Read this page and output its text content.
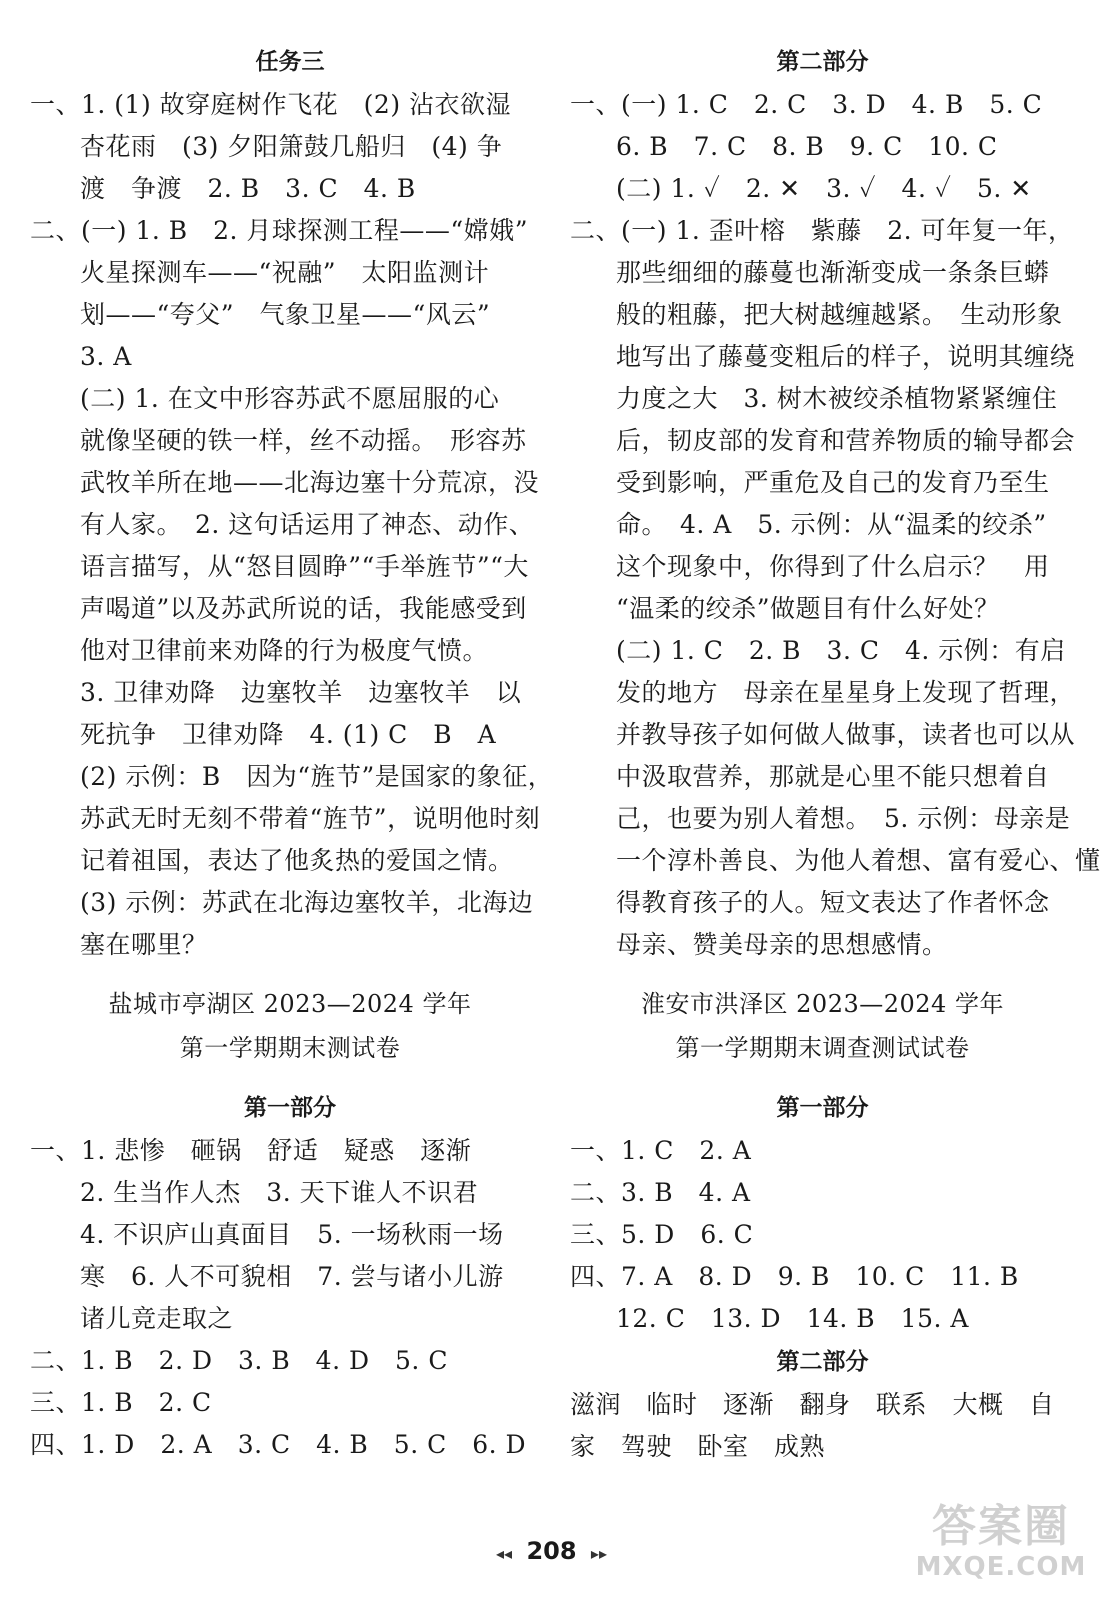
任务三
一、1. (1) 故穿庭树作飞花　(2) 沾衣欲湿
杏花雨　(3) 夕阳箫鼓几船归　(4) 争
渡　争渡　2. B　3. C　4. B
二、(一) 1. B　2. 月球探测工程——“嫦娥”
火星探测车——“祝融”　太阳监测计
划——“夸父”　气象卫星——“风云”
3. A
(二) 1. 在文中形容苏武不愿屈服的心
就像坚硬的铁一样，丝不动摇。　形容苏
武牧羊所在地——北海边塞十分荒凉，没
有人家。　2. 这句话运用了神态、动作、
语言描写，从“怒目圆睁”“手举旌节”“大
声喝道”以及苏武所说的话，我能感受到
他对卫律前来劝降的行为极度气愤。
3. 卫律劝降　边塞牧羊　边塞牧羊　以
死抗争　卫律劝降　4. (1) C　B　A
(2) 示例：B　因为“旌节”是国家的象征，
苏武无时无刻不带着“旌节”，说明他时刻
记着祖国，表达了他炙热的爱国之情。
(3) 示例：苏武在北海边塞牧羊，北海边
塞在哪里？
盐城市亭湖区 2023—2024 学年
第一学期期末测试卷
第一部分
一、1. 悲惨　砸锅　舒适　疑惑　逐渐
2. 生当作人杰　3. 天下谁人不识君
4. 不识庐山真面目　5. 一场秋雨一场
寒　6. 人不可貌相　7. 尝与诸小儿游
诸儿竞走取之
二、1. B　2. D　3. B　4. D　5. C
三、1. B　2. C
四、1. D　2. A　3. C　4. B　5. C　6. D
第二部分
一、(一) 1. C　2. C　3. D　4. B　5. C
6. B　7. C　8. B　9. C　10. C
(二) 1. ✓　2. ✕　3. ✓　4. ✓　5. ✕
二、(一) 1. 歪叶榕　紫藤　2. 可年复一年，
那些细细的藤蔓也渐渐变成一条条巨蟒
般的粗藤，把大树越缠越紧。　生动形象
地写出了藤蔓变粗后的样子，说明其缠绕
力度之大　3. 树木被绞杀植物紧紧缠住
后，韧皮部的发育和营养物质的输导都会
受到影响，严重危及自己的发育乃至生
命。　4. A　5. 示例：从“温柔的绞杀”
这个现象中，你得到了什么启示？　用
“温柔的绞杀”做题目有什么好处？
(二) 1. C　2. B　3. C　4. 示例：有启
发的地方　母亲在星星身上发现了哲理，
并教导孩子如何做人做事，读者也可以从
中汲取营养，那就是心里不能只想着自
己，也要为别人着想。　5. 示例：母亲是
一个淳朴善良、为他人着想、富有爱心、懂
得教育孩子的人。短文表达了作者怀念
母亲、赞美母亲的思想感情。
淮安市洪泽区 2023—2024 学年
第一学期期末调查测试试卷
第一部分
一、1. C　2. A
二、3. B　4. A
三、5. D　6. C
四、7. A　8. D　9. B　10. C　11. B
12. C　13. D　14. B　15. A
第二部分
滋润　临时　逐渐　翻身　联系　大概　自
家　驾驶　卧室　成熟
◂◂ 208 ▸▸
答案圈
MXQE.COM
